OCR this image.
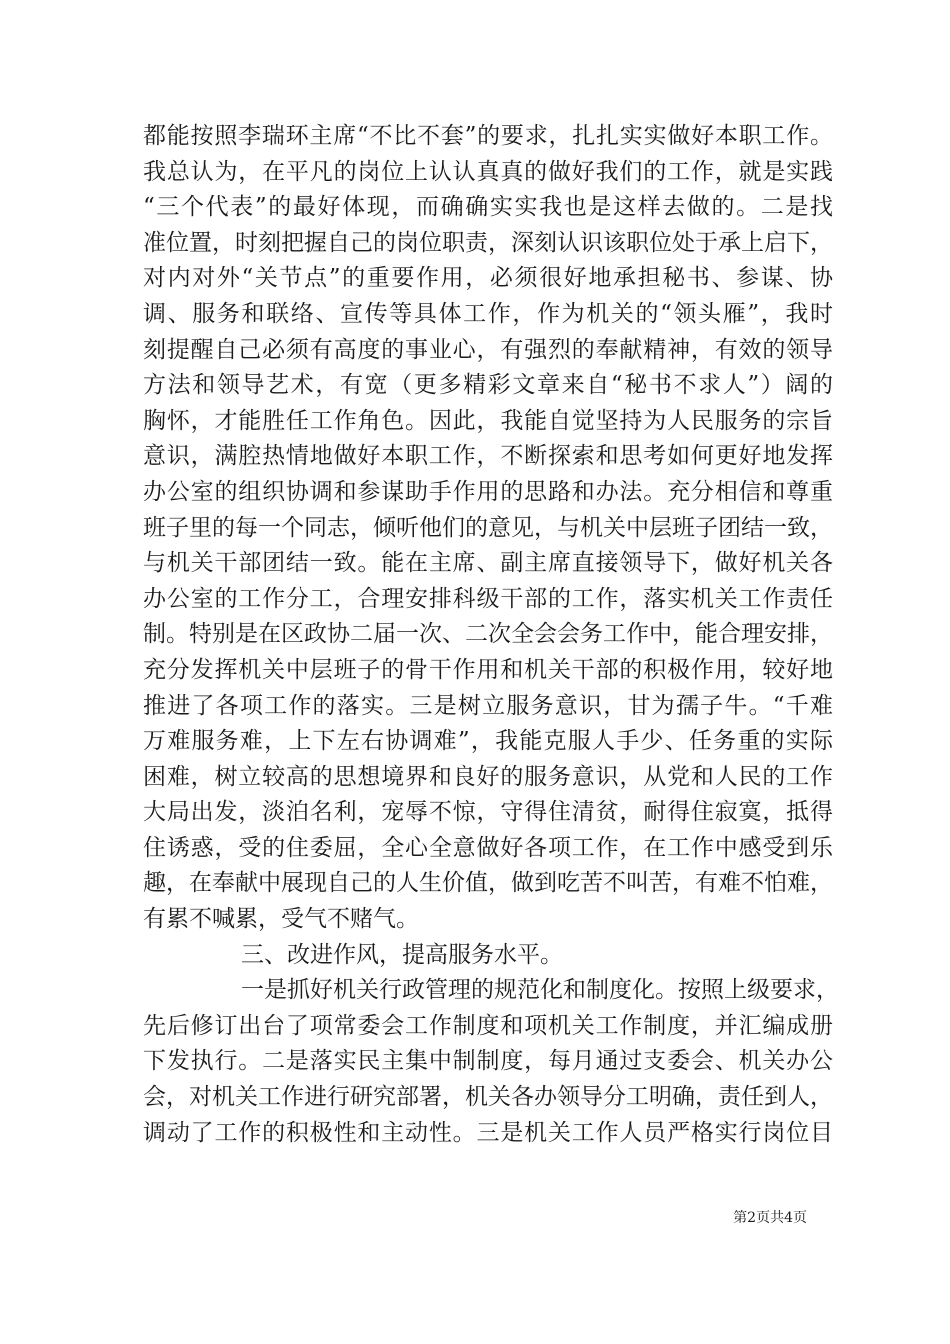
都能按照李瑞环主席“不比不套”的要求，扎扎实实做好本职工作。
我总认为，在平凡的岗位上认认真真的做好我们的工作，就是实践
“三个代表”的最好体现，而确确实实我也是这样去做的。二是找
准位置，时刻把握自己的岗位职责，深刻认识该职位处于承上启下，
对内对外“关节点”的重要作用，必须很好地承担秘书、参谋、协
调、服务和联络、宣传等具体工作，作为机关的“领头雁”，我时
刻提醒自己必须有高度的事业心，有强烈的奉献精神，有效的领导
方法和领导艺术，有宽（更多精彩文章来自“秘书不求人”）阔的
胸怀，才能胜任工作角色。因此，我能自觉坚持为人民服务的宗旨
意识，满腔热情地做好本职工作，不断探索和思考如何更好地发挥
办公室的组织协调和参谋助手作用的思路和办法。充分相信和尊重
班子里的每一个同志，倾听他们的意见，与机关中层班子团结一致，
与机关干部团结一致。能在主席、副主席直接领导下，做好机关各
办公室的工作分工，合理安排科级干部的工作，落实机关工作责任
制。特别是在区政协二届一次、二次全会会务工作中，能合理安排，
充分发挥机关中层班子的骨干作用和机关干部的积极作用，较好地
推进了各项工作的落实。三是树立服务意识，甘为孺子牛。“千难
万难服务难，上下左右协调难”，我能克服人手少、任务重的实际
困难，树立较高的思想境界和良好的服务意识，从党和人民的工作
大局出发，淡泊名利，宠辱不惊，守得住清贫，耐得住寂寞，抵得
住诱惑，受的住委屈，全心全意做好各项工作，在工作中感受到乐
趣，在奉献中展现自己的人生价值，做到吃苦不叫苦，有难不怕难，
有累不喊累，受气不赌气。
三、改进作风，提高服务水平。
一是抓好机关行政管理的规范化和制度化。按照上级要求，
先后修订出台了项常委会工作制度和项机关工作制度，并汇编成册
下发执行。二是落实民主集中制制度，每月通过支委会、机关办公
会，对机关工作进行研究部署，机关各办领导分工明确，责任到人，
调动了工作的积极性和主动性。三是机关工作人员严格实行岗位目
第2页共4页
